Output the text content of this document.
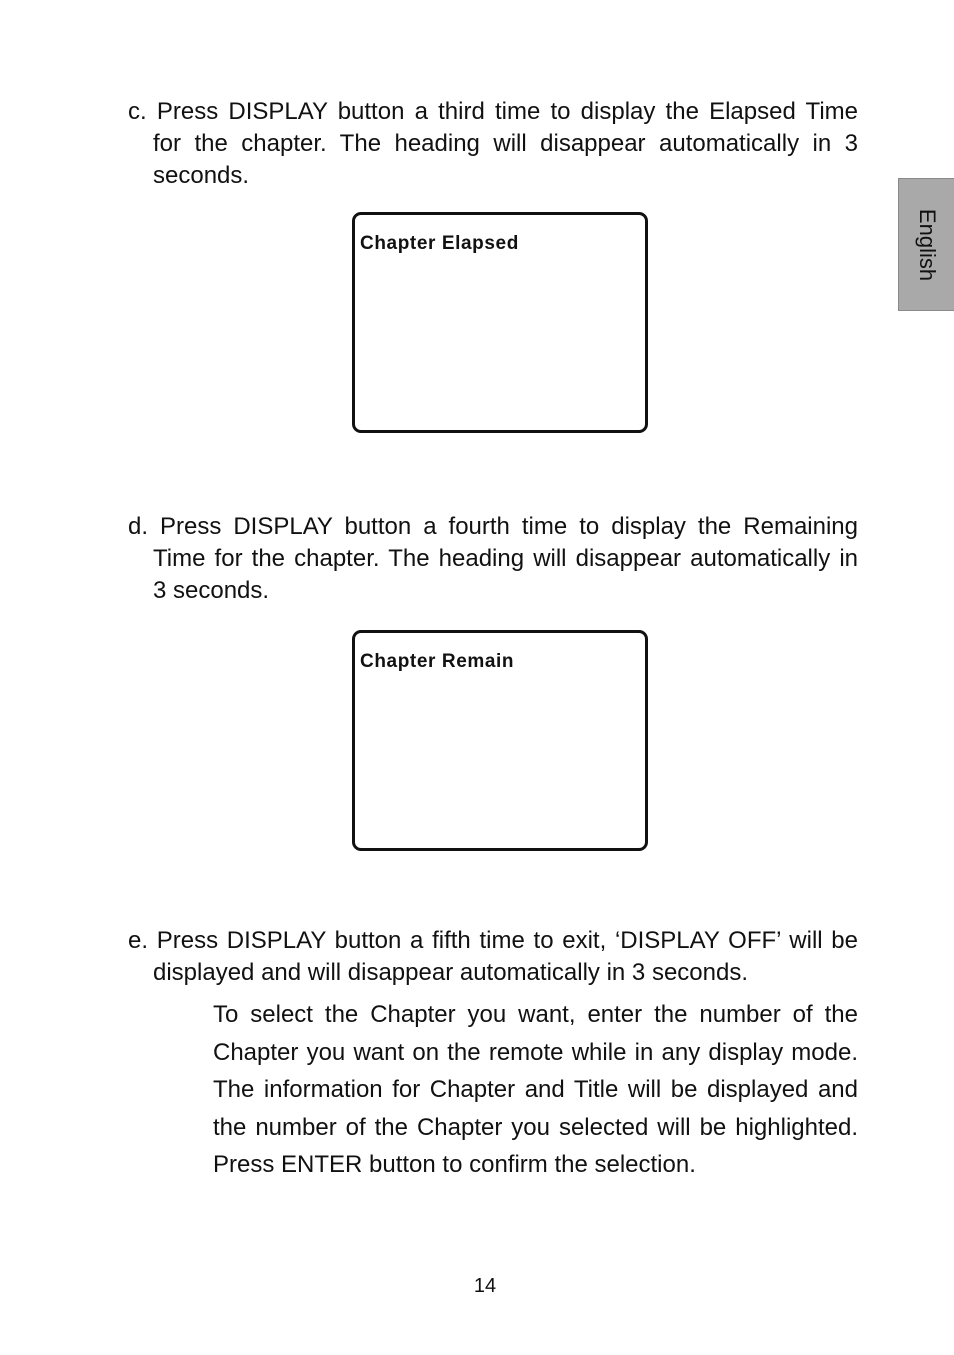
English
c. Press DISPLAY button a third time to display the Elapsed Time
for the chapter. The heading will disappear automatically in 3
seconds.
Chapter Elapsed
d. Press DISPLAY button a fourth time to display the Remaining
Time for the chapter. The heading will disappear automatically in
3 seconds.
Chapter Remain
e. Press DISPLAY button a fifth time to exit, ‘DISPLAY OFF’ will be
displayed and will disappear automatically in 3 seconds.
To select the Chapter you want, enter the number of the
Chapter you want on the remote while in any display mode.
The information for Chapter and Title will be displayed and
the number of the Chapter you selected will be highlighted.
Press ENTER button to confirm the selection.
14
